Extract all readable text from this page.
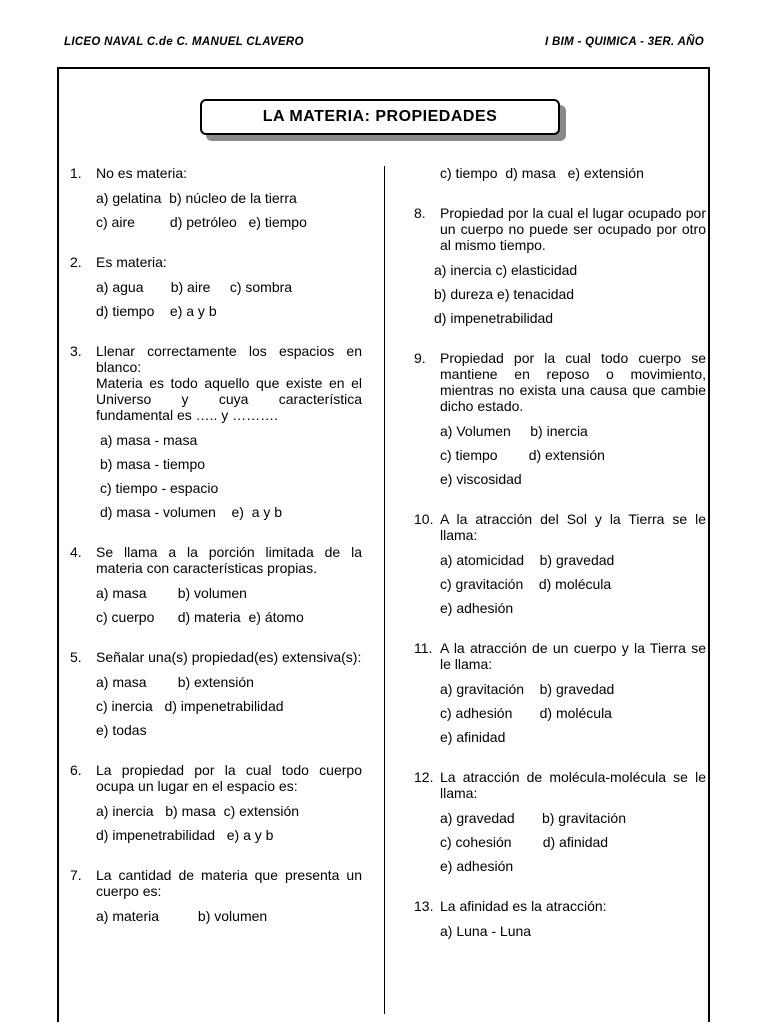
LICEO NAVAL C.de C. MANUEL CLAVERO	I BIM - QUIMICA - 3ER. AÑO
LA MATERIA: PROPIEDADES
1.	No es materia:
a) gelatina  b) núcleo de la tierra
c) aire         d) petróleo   e) tiempo
2.	Es materia:
a) agua       b) aire     c) sombra
d) tiempo    e) a y b
3.	Llenar correctamente los espacios en blanco:
Materia es todo aquello que existe en el Universo y cuya característica fundamental es ….. y ……….
a) masa - masa
b) masa - tiempo
c) tiempo - espacio
d) masa - volumen    e)  a y b
4.	Se llama a la porción limitada de la materia con características propias.
a) masa        b) volumen
c) cuerpo      d) materia  e) átomo
5.	Señalar una(s) propiedad(es) extensiva(s):
a) masa        b) extensión
c) inercia   d) impenetrabilidad
e) todas
6.	La propiedad por la cual todo cuerpo ocupa un lugar en el espacio es:
a) inercia   b) masa  c) extensión
d) impenetrabilidad   e) a y b
7.	La cantidad de materia que presenta un cuerpo es:
a) materia          b) volumen
c) tiempo  d) masa   e) extensión
8.	Propiedad por la cual el lugar ocupado por un cuerpo no puede ser ocupado por otro al mismo tiempo.
a) inercia c) elasticidad
b) dureza e) tenacidad
d) impenetrabilidad
9.	Propiedad por la cual todo cuerpo se mantiene en reposo o movimiento, mientras no exista una causa que cambie dicho estado.
a) Volumen     b) inercia
c) tiempo        d) extensión
e) viscosidad
10. A la atracción del Sol y la Tierra se le llama:
a) atomicidad    b) gravedad
c) gravitación    d) molécula
e) adhesión
11. A la atracción de un cuerpo y la Tierra se le llama:
a) gravitación    b) gravedad
c) adhesión       d) molécula
e) afinidad
12. La atracción de molécula-molécula se le llama:
a) gravedad       b) gravitación
c) cohesión        d) afinidad
e) adhesión
13. La afinidad es la atracción:
a) Luna - Luna
